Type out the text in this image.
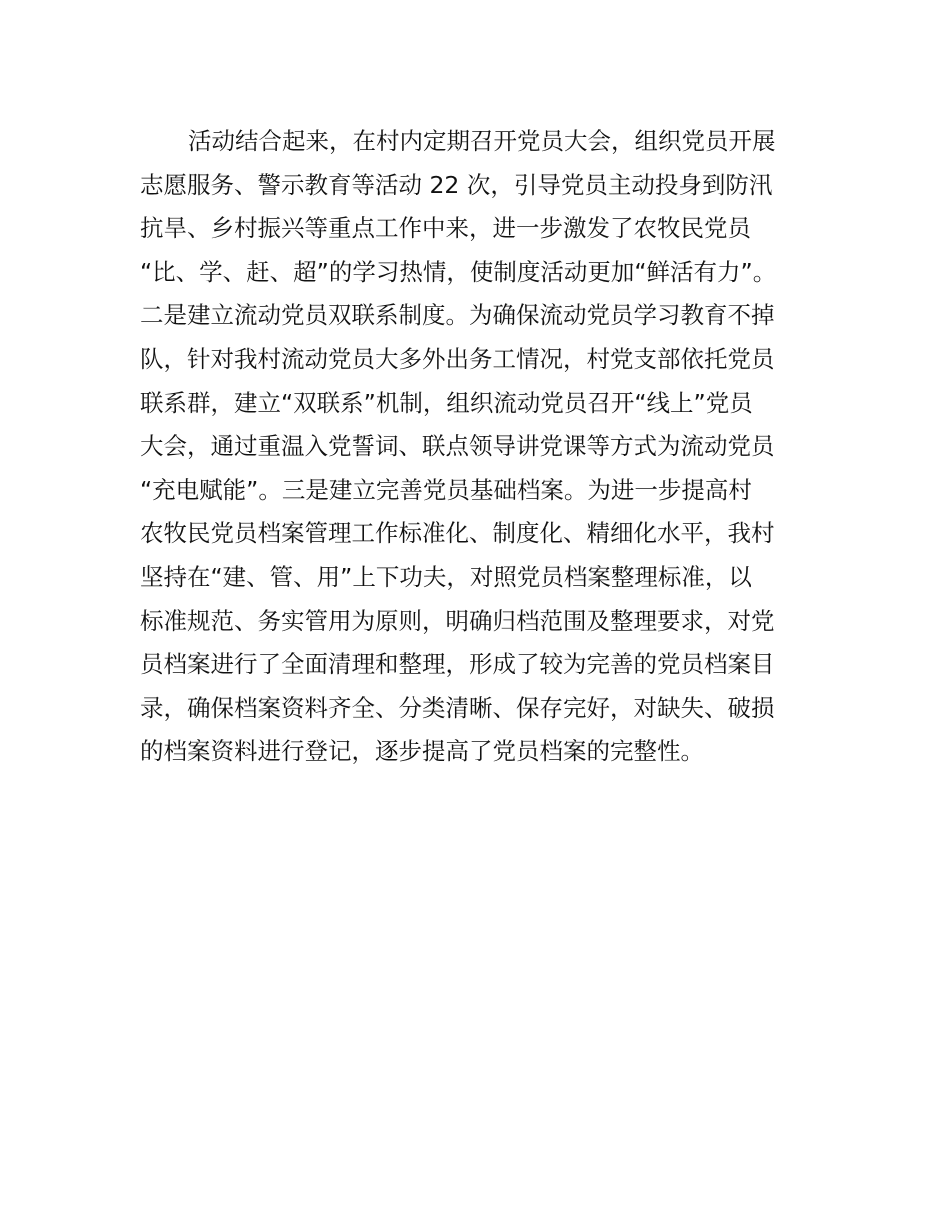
活动结合起来，在村内定期召开党员大会，组织党员开展
志愿服务、警示教育等活动 22 次，引导党员主动投身到防汛
抗旱、乡村振兴等重点工作中来，进一步激发了农牧民党员
“比、学、赶、超”的学习热情，使制度活动更加“鲜活有力”。
二是建立流动党员双联系制度。为确保流动党员学习教育不掉
队，针对我村流动党员大多外出务工情况，村党支部依托党员
联系群，建立“双联系”机制，组织流动党员召开“线上”党员
大会，通过重温入党誓词、联点领导讲党课等方式为流动党员
“充电赋能”。三是建立完善党员基础档案。为进一步提高村
农牧民党员档案管理工作标准化、制度化、精细化水平，我村
坚持在“建、管、用”上下功夫，对照党员档案整理标准，以
标准规范、务实管用为原则，明确归档范围及整理要求，对党
员档案进行了全面清理和整理，形成了较为完善的党员档案目
录，确保档案资料齐全、分类清晰、保存完好，对缺失、破损
的档案资料进行登记，逐步提高了党员档案的完整性。
